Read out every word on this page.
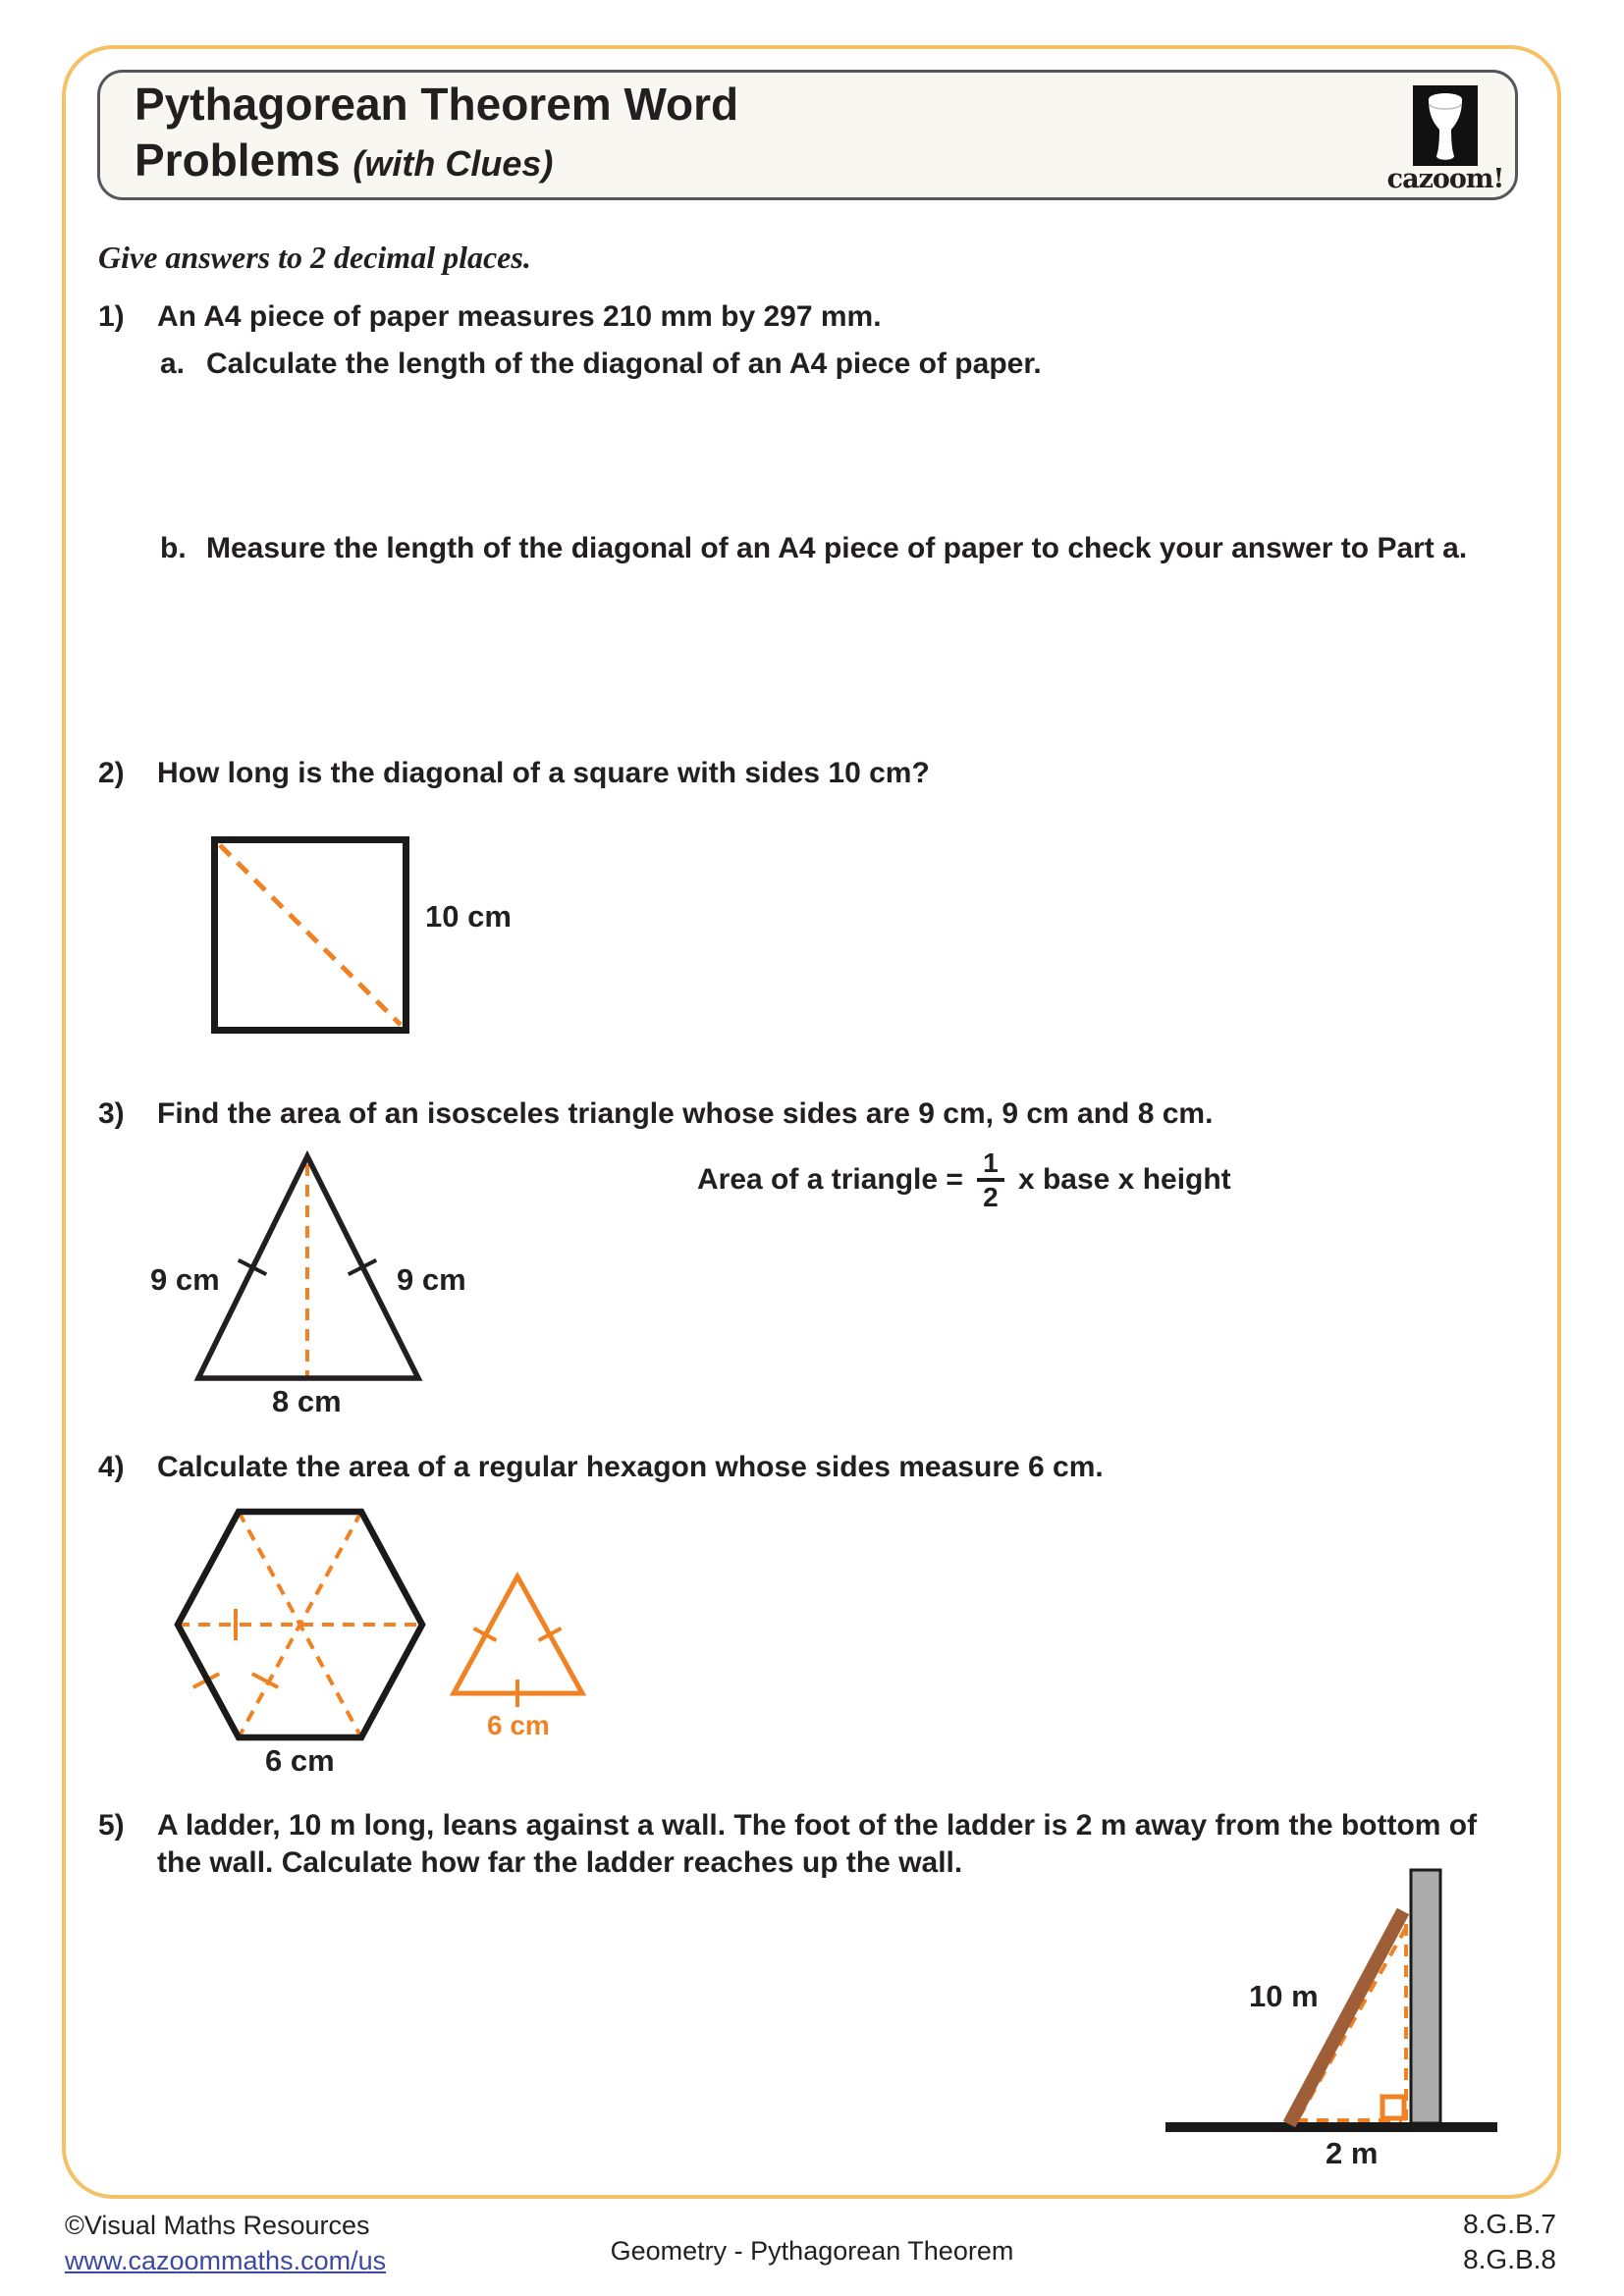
Pythagorean Theorem Word
Problems (with Clues)	cazoom!
Give answers to 2 decimal places.
1) An A4 piece of paper measures 210 mm by 297 mm.
a. Calculate the length of the diagonal of an A4 piece of paper.
b. Measure the length of the diagonal of an A4 piece of paper to check your answer to Part a.
2) How long is the diagonal of a square with sides 10 cm?
10 cm
3) Find the area of an isosceles triangle whose sides are 9 cm, 9 cm and 8 cm.
Area of a triangle = $\frac{1}{2}$ x base x height
9 cm	9 cm
8 cm
4) Calculate the area of a regular hexagon whose sides measure 6 cm.
6 cm
6 cm
5)	A ladder, 10 m long, leans against a wall. The foot of the ladder is 2 m away from the bottom of
the wall. Calculate how far the ladder reaches up the wall.
10 m
2 m
©Visual Maths Resources
www.cazoommaths.com/us	Geometry - Pythagorean Theorem
8.G.B.7
8.G.B.8
